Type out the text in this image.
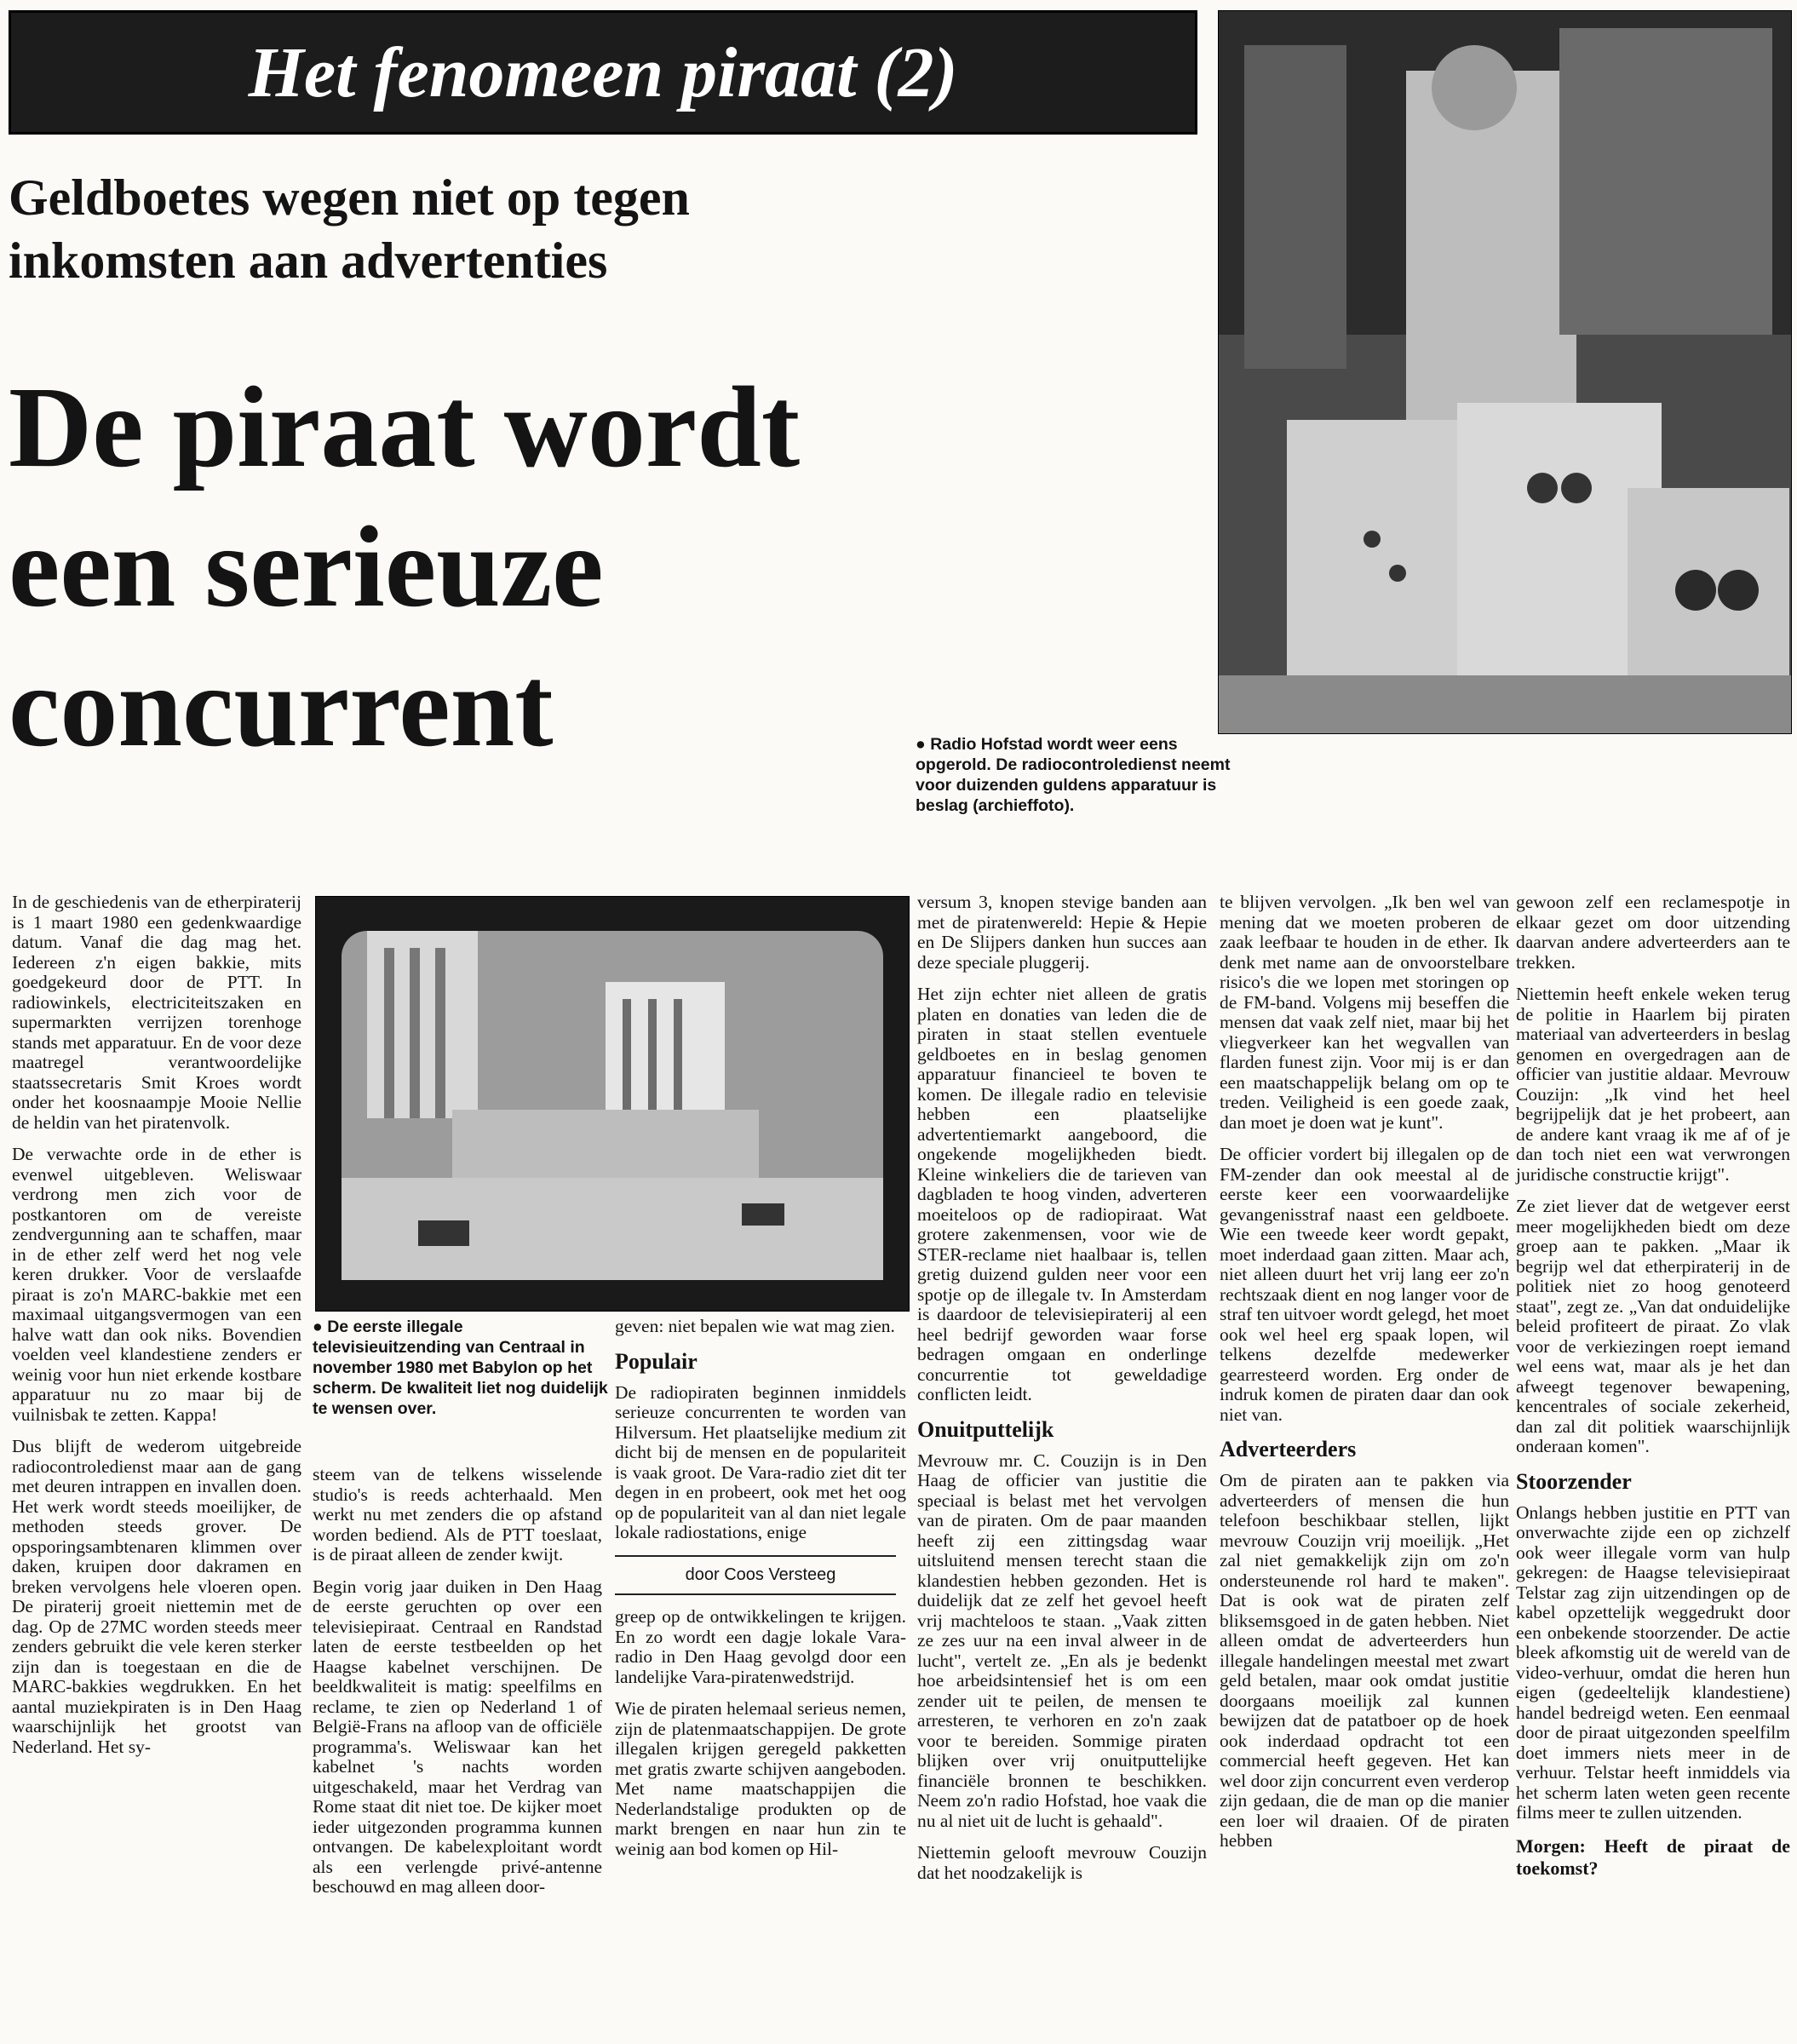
Het fenomeen piraat (2)
Geldboetes wegen niet op tegen
inkomsten aan advertenties
De piraat wordt
een serieuze
concurrent	● Radio Hofstad wordt weer eens opgerold. De radiocontroledienst neemt voor duizenden guldens apparatuur is beslag (archieffoto).
● De eerste illegale televisieuitzending van Centraal in november 1980 met Babylon op het scherm. De kwaliteit liet nog duidelijk te wensen over.

In de geschiedenis van de etherpiraterij is 1 maart 1980 een gedenkwaardige datum. Vanaf die dag mag het. Iedereen z'n eigen bakkie, mits goedgekeurd door de PTT. In radiowinkels, electriciteitszaken en supermarkten verrijzen torenhoge stands met apparatuur. En de voor deze maatregel verantwoordelijke staatssecretaris Smit Kroes wordt onder het koosnaampje Mooie Nellie de heldin van het piratenvolk.

De verwachte orde in de ether is evenwel uitgebleven. Weliswaar verdrong men zich voor de postkantoren om de vereiste zendvergunning aan te schaffen, maar in de ether zelf werd het nog vele keren drukker. Voor de verslaafde piraat is zo'n MARC-bakkie met een maximaal uitgangsvermogen van een halve watt dan ook niks. Bovendien voelden veel klandestiene zenders er weinig voor hun niet erkende kostbare apparatuur nu zo maar bij de vuilnisbak te zetten. Kappa!

Dus blijft de wederom uitgebreide radiocontroledienst maar aan de gang met deuren intrappen en invallen doen. Het werk wordt steeds moeilijker, de methoden steeds grover. De opsporingsambtenaren klimmen over daken, kruipen door dakramen en breken vervolgens hele vloeren open. De piraterij groeit niettemin met de dag. Op de 27MC worden steeds meer zenders gebruikt die vele keren sterker zijn dan is toegestaan en die de MARC-bakkies wegdrukken. En het aantal muziekpiraten is in Den Haag waarschijnlijk het grootst van Nederland. Het sy-

steem van de telkens wisselende studio's is reeds achterhaald. Men werkt nu met zenders die op afstand worden bediend. Als de PTT toeslaat, is de piraat alleen de zender kwijt.

Begin vorig jaar duiken in Den Haag de eerste geruchten op over een televisiepiraat. Centraal en Randstad laten de eerste testbeelden op het Haagse kabelnet verschijnen. De beeldkwaliteit is matig: speelfilms en reclame, te zien op Nederland 1 of België-Frans na afloop van de officiële programma's. Weliswaar kan het kabelnet 's nachts worden uitgeschakeld, maar het Verdrag van Rome staat dit niet toe. De kijker moet ieder uitgezonden programma kunnen ontvangen. De kabelexploitant wordt als een verlengde privé-antenne beschouwd en mag alleen door-

geven: niet bepalen wie wat mag zien.

Populair

De radiopiraten beginnen inmiddels serieuze concurrenten te worden van Hilversum. Het plaatselijke medium zit dicht bij de mensen en de populariteit is vaak groot. De Vara-radio ziet dit ter degen in en probeert, ook met het oog op de populariteit van al dan niet legale lokale radiostations, enige

door Coos Versteeg

greep op de ontwikkelingen te krijgen. En zo wordt een dagje lokale Vara-radio in Den Haag gevolgd door een landelijke Vara-piratenwedstrijd.

Wie de piraten helemaal serieus nemen, zijn de platenmaatschappijen. De grote illegalen krijgen geregeld pakketten met gratis zwarte schijven aangeboden. Met name maatschappijen die Nederlandstalige produkten op de markt brengen en naar hun zin te weinig aan bod komen op Hil-

versum 3, knopen stevige banden aan met de piratenwereld: Hepie & Hepie en De Slijpers danken hun succes aan deze speciale pluggerij.

Het zijn echter niet alleen de gratis platen en donaties van leden die de piraten in staat stellen eventuele geldboetes en in beslag genomen apparatuur financieel te boven te komen. De illegale radio en televisie hebben een plaatselijke advertentiemarkt aangeboord, die ongekende mogelijkheden biedt. Kleine winkeliers die de tarieven van dagbladen te hoog vinden, adverteren moeiteloos op de radiopiraat. Wat grotere zakenmensen, voor wie de STER-reclame niet haalbaar is, tellen gretig duizend gulden neer voor een spotje op de illegale tv. In Amsterdam is daardoor de televisiepiraterij al een heel bedrijf geworden waar forse bedragen omgaan en onderlinge concurrentie tot geweldadige conflicten leidt.

Onuitputtelijk

Mevrouw mr. C. Couzijn is in Den Haag de officier van justitie die speciaal is belast met het vervolgen van de piraten. Om de paar maanden heeft zij een zittingsdag waar uitsluitend mensen terecht staan die klandestien hebben gezonden. Het is duidelijk dat ze zelf het gevoel heeft vrij machteloos te staan. „Vaak zitten ze zes uur na een inval alweer in de lucht", vertelt ze. „En als je bedenkt hoe arbeidsintensief het is om een zender uit te peilen, de mensen te arresteren, te verhoren en zo'n zaak voor te bereiden. Sommige piraten blijken over vrij onuitputtelijke financiële bronnen te beschikken. Neem zo'n radio Hofstad, hoe vaak die nu al niet uit de lucht is gehaald".

Niettemin gelooft mevrouw Couzijn dat het noodzakelijk is

te blijven vervolgen. „Ik ben wel van mening dat we moeten proberen de zaak leefbaar te houden in de ether. Ik denk met name aan de onvoorstelbare risico's die we lopen met storingen op de FM-band. Volgens mij beseffen die mensen dat vaak zelf niet, maar bij het vliegverkeer kan het wegvallen van flarden funest zijn. Voor mij is er dan een maatschappelijk belang om op te treden. Veiligheid is een goede zaak, dan moet je doen wat je kunt".

De officier vordert bij illegalen op de FM-zender dan ook meestal al de eerste keer een voorwaardelijke gevangenisstraf naast een geldboete. Wie een tweede keer wordt gepakt, moet inderdaad gaan zitten. Maar ach, niet alleen duurt het vrij lang eer zo'n rechtszaak dient en nog langer voor de straf ten uitvoer wordt gelegd, het moet ook wel heel erg spaak lopen, wil telkens dezelfde medewerker gearresteerd worden. Erg onder de indruk komen de piraten daar dan ook niet van.

Adverteerders

Om de piraten aan te pakken via adverteerders of mensen die hun telefoon beschikbaar stellen, lijkt mevrouw Couzijn vrij moeilijk. „Het zal niet gemakkelijk zijn om zo'n ondersteunende rol hard te maken". Dat is ook wat de piraten zelf bliksemsgoed in de gaten hebben. Niet alleen omdat de adverteerders hun illegale handelingen meestal met zwart geld betalen, maar ook omdat justitie doorgaans moeilijk zal kunnen bewijzen dat de patatboer op de hoek ook inderdaad opdracht tot een commercial heeft gegeven. Het kan wel door zijn concurrent even verderop zijn gedaan, die de man op die manier een loer wil draaien. Of de piraten hebben

gewoon zelf een reclamespotje in elkaar gezet om door uitzending daarvan andere adverteerders aan te trekken.

Niettemin heeft enkele weken terug de politie in Haarlem bij piraten materiaal van adverteerders in beslag genomen en overgedragen aan de officier van justitie aldaar. Mevrouw Couzijn: „Ik vind het heel begrijpelijk dat je het probeert, aan de andere kant vraag ik me af of je dan toch niet een wat verwrongen juridische constructie krijgt".

Ze ziet liever dat de wetgever eerst meer mogelijkheden biedt om deze groep aan te pakken. „Maar ik begrijp wel dat etherpiraterij in de politiek niet zo hoog genoteerd staat", zegt ze. „Van dat onduidelijke beleid profiteert de piraat. Zo vlak voor de verkiezingen roept iemand wel eens wat, maar als je het dan afweegt tegenover bewapening, kencentrales of sociale zekerheid, dan zal dit politiek waarschijnlijk onderaan komen".

Stoorzender

Onlangs hebben justitie en PTT van onverwachte zijde een op zichzelf ook weer illegale vorm van hulp gekregen: de Haagse televisiepiraat Telstar zag zijn uitzendingen op de kabel opzettelijk weggedrukt door een onbekende stoorzender. De actie bleek afkomstig uit de wereld van de video-verhuur, omdat die heren hun eigen (gedeeltelijk klandestiene) handel bedreigd weten. Een eenmaal door de piraat uitgezonden speelfilm doet immers niets meer in de verhuur. Telstar heeft inmiddels via het scherm laten weten geen recente films meer te zullen uitzenden.

Morgen: Heeft de piraat de toekomst?
